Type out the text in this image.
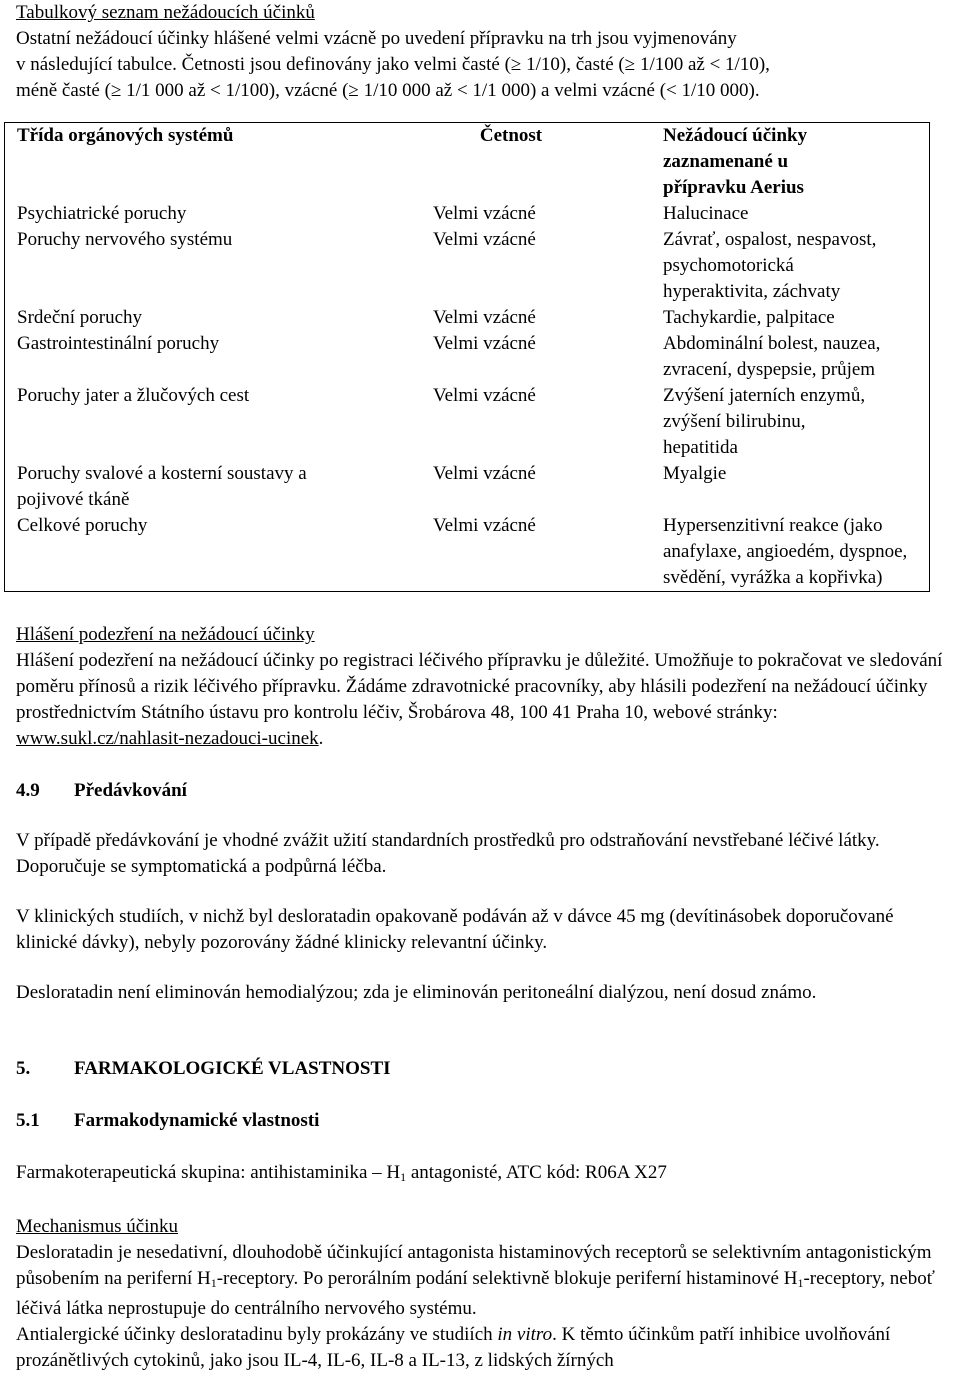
Tabulkový seznam nežádoucích účinků

Ostatní nežádoucí účinky hlášené velmi vzácně po uvedení přípravku na trh jsou vyjmenovány

v následující tabulce. Četnosti jsou definovány jako velmi časté (≥ 1/10), časté (≥ 1/100 až < 1/10),

méně časté (≥ 1/1 000 až < 1/100), vzácné (≥ 1/10 000 až < 1/1 000) a velmi vzácné (< 1/10 000).

Třída orgánových systémů	Četnost	Nežádoucí účinky zaznamenané u přípravku Aerius
Psychiatrické poruchy	Velmi vzácné	Halucinace
Poruchy nervového systému	Velmi vzácné	Závrať, ospalost, nespavost, psychomotorická hyperaktivita, záchvaty
Srdeční poruchy	Velmi vzácné	Tachykardie, palpitace
Gastrointestinální poruchy	Velmi vzácné	Abdominální bolest, nauzea, zvracení, dyspepsie, průjem
Poruchy jater a žlučových cest	Velmi vzácné	Zvýšení jaterních enzymů, zvýšení bilirubinu, hepatitida
Poruchy svalové a kosterní soustavy a pojivové tkáně	Velmi vzácné	Myalgie
Celkové poruchy	Velmi vzácné	Hypersenzitivní reakce (jako anafylaxe, angioedém, dyspnoe, svědění, vyrážka a kopřivka)

Hlášení podezření na nežádoucí účinky

Hlášení podezření na nežádoucí účinky po registraci léčivého přípravku je důležité. Umožňuje to pokračovat ve sledování poměru přínosů a rizik léčivého přípravku. Žádáme zdravotnické pracovníky, aby hlásili podezření na nežádoucí účinky prostřednictvím Státního ústavu pro kontrolu léčiv, Šrobárova 48, 100 41 Praha 10, webové stránky: www.sukl.cz/nahlasit-nezadouci-ucinek.

4.9 Předávkování

V případě předávkování je vhodné zvážit užití standardních prostředků pro odstraňování nevstřebané léčivé látky. Doporučuje se symptomatická a podpůrná léčba.

V klinických studiích, v nichž byl desloratadin opakovaně podáván až v dávce 45 mg (devítinásobek doporučované klinické dávky), nebyly pozorovány žádné klinicky relevantní účinky.

Desloratadin není eliminován hemodialýzou; zda je eliminován peritoneální dialýzou, není dosud známo.

5. FARMAKOLOGICKÉ VLASTNOSTI

5.1 Farmakodynamické vlastnosti

Farmakoterapeutická skupina: antihistaminika – $H_1$ antagonisté, ATC kód: R06A X27

Mechanismus účinku

Desloratadin je nesedativní, dlouhodobě účinkující antagonista histaminových receptorů se selektivním antagonistickým působením na periferní $H_1$-receptory. Po perorálním podání selektivně blokuje periferní histaminové $H_1$-receptory, neboť léčivá látka neprostupuje do centrálního nervového systému.

Antialergické účinky desloratadinu byly prokázány ve studiích in vitro. K těmto účinkům patří inhibice uvolňování prozánětlivých cytokinů, jako jsou IL-4, IL-6, IL-8 a IL-13, z lidských žírných
